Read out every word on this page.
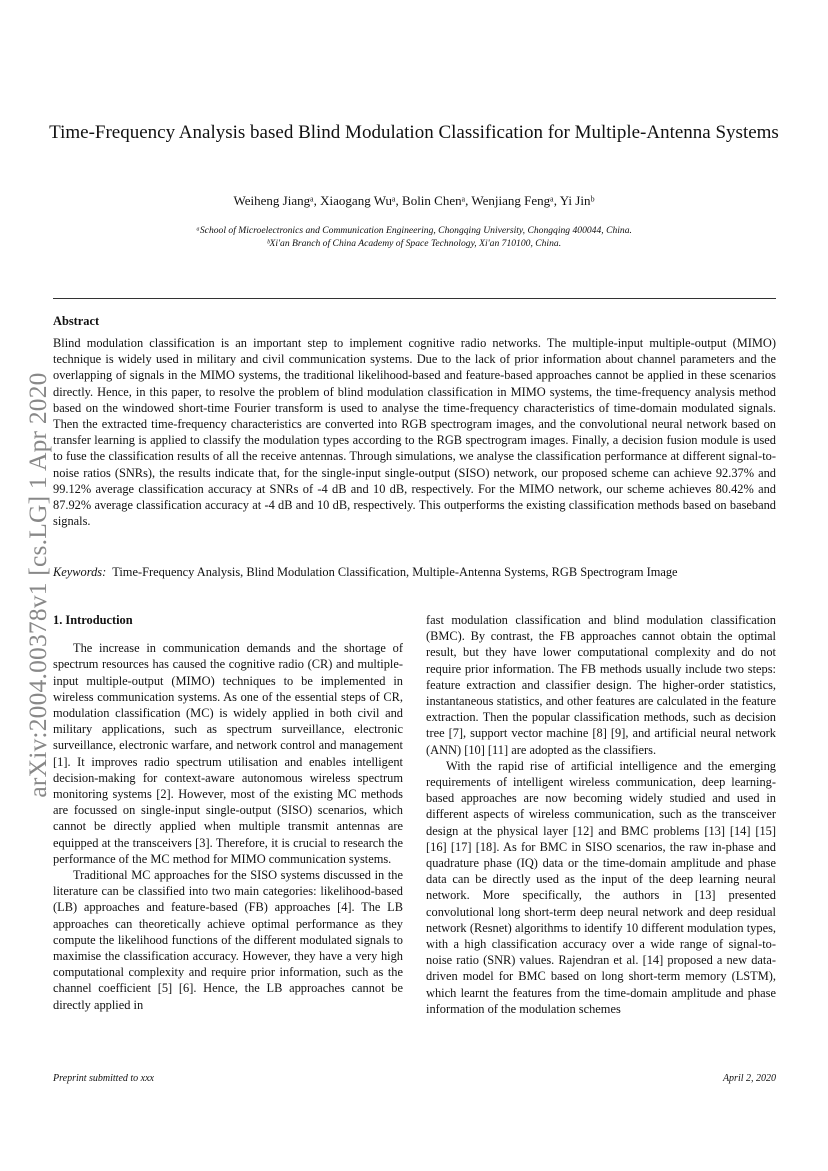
arXiv:2004.00378v1 [cs.LG] 1 Apr 2020
Time-Frequency Analysis based Blind Modulation Classification for Multiple-Antenna Systems
Weiheng Jiangᵃ, Xiaogang Wuᵃ, Bolin Chenᵃ, Wenjiang Fengᵃ, Yi Jinᵇ
ᵃSchool of Microelectronics and Communication Engineering, Chongqing University, Chongqing 400044, China.
ᵇXi'an Branch of China Academy of Space Technology, Xi'an 710100, China.
Abstract
Blind modulation classification is an important step to implement cognitive radio networks. The multiple-input multiple-output (MIMO) technique is widely used in military and civil communication systems. Due to the lack of prior information about channel parameters and the overlapping of signals in the MIMO systems, the traditional likelihood-based and feature-based approaches cannot be applied in these scenarios directly. Hence, in this paper, to resolve the problem of blind modulation classification in MIMO systems, the time-frequency analysis method based on the windowed short-time Fourier transform is used to analyse the time-frequency characteristics of time-domain modulated signals. Then the extracted time-frequency characteristics are converted into RGB spectrogram images, and the convolutional neural network based on transfer learning is applied to classify the modulation types according to the RGB spectrogram images. Finally, a decision fusion module is used to fuse the classification results of all the receive antennas. Through simulations, we analyse the classification performance at different signal-to-noise ratios (SNRs), the results indicate that, for the single-input single-output (SISO) network, our proposed scheme can achieve 92.37% and 99.12% average classification accuracy at SNRs of -4 dB and 10 dB, respectively. For the MIMO network, our scheme achieves 80.42% and 87.92% average classification accuracy at -4 dB and 10 dB, respectively. This outperforms the existing classification methods based on baseband signals.
Keywords: Time-Frequency Analysis, Blind Modulation Classification, Multiple-Antenna Systems, RGB Spectrogram Image
1. Introduction

The increase in communication demands and the shortage of spectrum resources has caused the cognitive radio (CR) and multiple-input multiple-output (MIMO) techniques to be implemented in wireless communication systems. As one of the essential steps of CR, modulation classification (MC) is widely applied in both civil and military applications, such as spectrum surveillance, electronic surveillance, electronic warfare, and network control and management [1]. It improves radio spectrum utilisation and enables intelligent decision-making for context-aware autonomous wireless spectrum monitoring systems [2]. However, most of the existing MC methods are focussed on single-input single-output (SISO) scenarios, which cannot be directly applied when multiple transmit antennas are equipped at the transceivers [3]. Therefore, it is crucial to research the performance of the MC method for MIMO communication systems.

Traditional MC approaches for the SISO systems discussed in the literature can be classified into two main categories: likelihood-based (LB) approaches and feature-based (FB) approaches [4]. The LB approaches can theoretically achieve optimal performance as they compute the likelihood functions of the different modulated signals to maximise the classification accuracy. However, they have a very high computational complexity and require prior information, such as the channel coefficient [5] [6]. Hence, the LB approaches cannot be directly applied in

fast modulation classification and blind modulation classification (BMC). By contrast, the FB approaches cannot obtain the optimal result, but they have lower computational complexity and do not require prior information. The FB methods usually include two steps: feature extraction and classifier design. The higher-order statistics, instantaneous statistics, and other features are calculated in the feature extraction. Then the popular classification methods, such as decision tree [7], support vector machine [8] [9], and artificial neural network (ANN) [10] [11] are adopted as the classifiers.

With the rapid rise of artificial intelligence and the emerging requirements of intelligent wireless communication, deep learning-based approaches are now becoming widely studied and used in different aspects of wireless communication, such as the transceiver design at the physical layer [12] and BMC problems [13] [14] [15] [16] [17] [18]. As for BMC in SISO scenarios, the raw in-phase and quadrature phase (IQ) data or the time-domain amplitude and phase data can be directly used as the input of the deep learning neural network. More specifically, the authors in [13] presented convolutional long short-term deep neural network and deep residual network (Resnet) algorithms to identify 10 different modulation types, with a high classification accuracy over a wide range of signal-to-noise ratio (SNR) values. Rajendran et al. [14] proposed a new data-driven model for BMC based on long short-term memory (LSTM), which learnt the features from the time-domain amplitude and phase information of the modulation schemes

Preprint submitted to xxx	April 2, 2020
